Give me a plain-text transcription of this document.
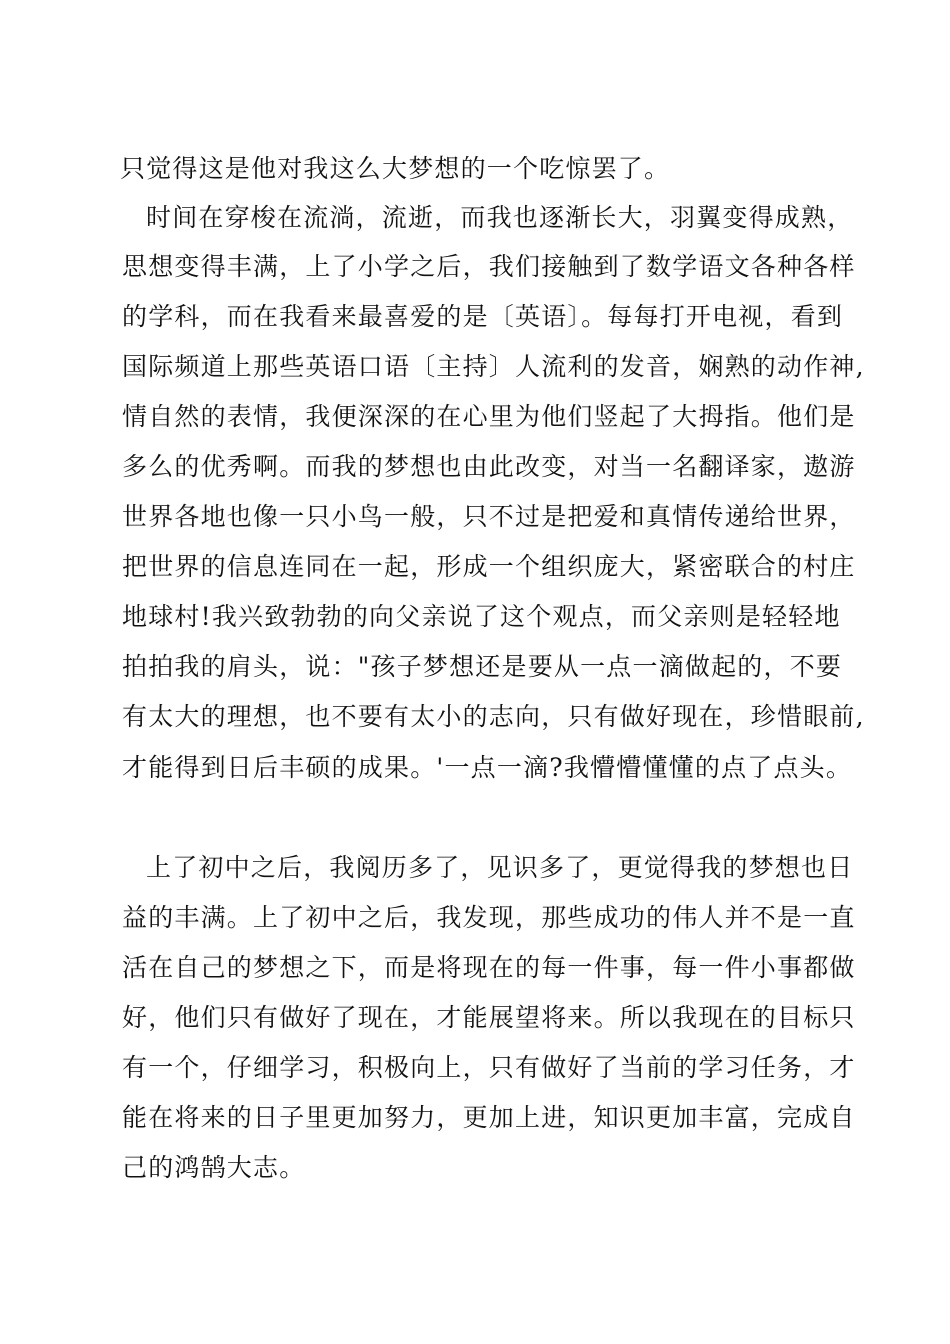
只觉得这是他对我这么大梦想的一个吃惊罢了。
时间在穿梭在流淌，流逝，而我也逐渐长大，羽翼变得成熟，
思想变得丰满，上了小学之后，我们接触到了数学语文各种各样
的学科，而在我看来最喜爱的是〔英语〕。每每打开电视，看到
国际频道上那些英语口语〔主持〕人流利的发音，娴熟的动作神,
情自然的表情，我便深深的在心里为他们竖起了大拇指。他们是
多么的优秀啊。而我的梦想也由此改变，对当一名翻译家，遨游
世界各地也像一只小鸟一般，只不过是把爱和真情传递给世界，
把世界的信息连同在一起，形成一个组织庞大，紧密联合的村庄
地球村!我兴致勃勃的向父亲说了这个观点，而父亲则是轻轻地
拍拍我的肩头，说："孩子梦想还是要从一点一滴做起的，不要
有太大的理想，也不要有太小的志向，只有做好现在，珍惜眼前,
才能得到日后丰硕的成果。'一点一滴?我懵懵懂懂的点了点头。
上了初中之后，我阅历多了，见识多了，更觉得我的梦想也日
益的丰满。上了初中之后，我发现，那些成功的伟人并不是一直
活在自己的梦想之下，而是将现在的每一件事，每一件小事都做
好，他们只有做好了现在，才能展望将来。所以我现在的目标只
有一个，仔细学习，积极向上，只有做好了当前的学习任务，才
能在将来的日子里更加努力，更加上进，知识更加丰富，完成自
己的鸿鹄大志。
